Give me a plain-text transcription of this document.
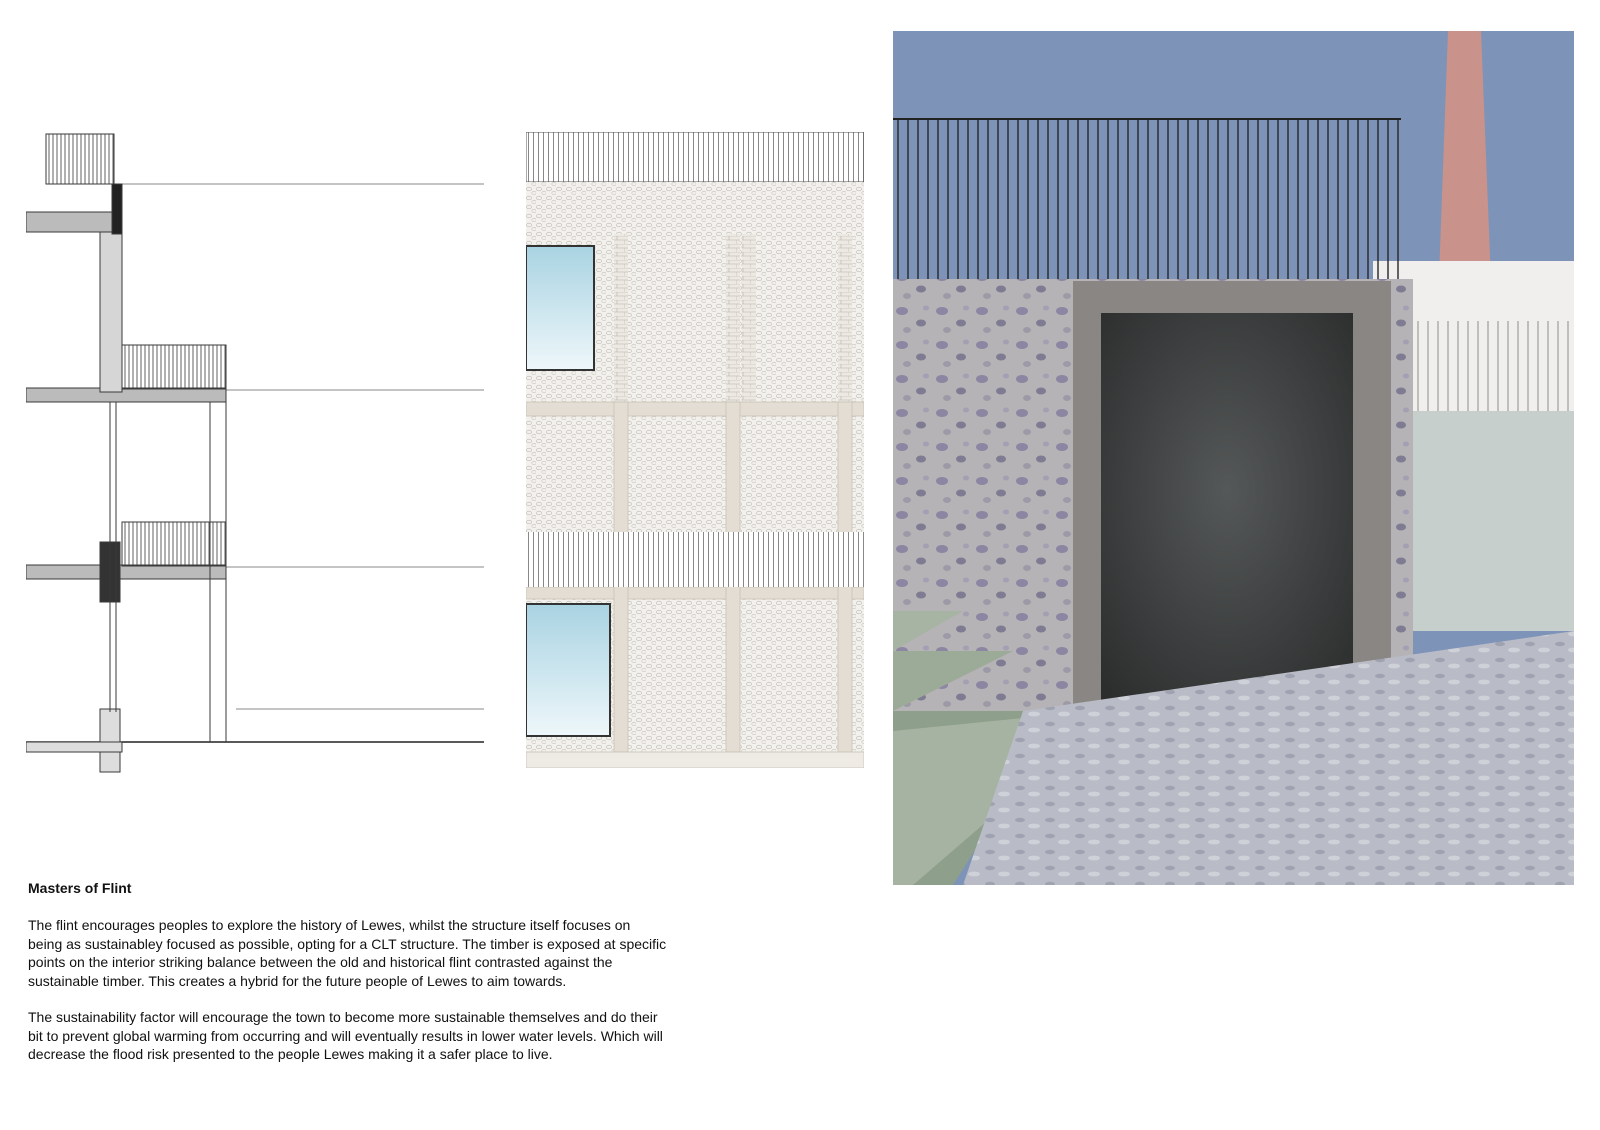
Masters of Flint

The flint encourages peoples to explore the history of Lewes, whilst the structure itself focuses on being as sustainabley focused as possible, opting for a CLT structure. The timber is exposed at specific points on the interior striking balance between the old and historical flint contrasted against the sustainable timber. This creates a hybrid for the future people of Lewes to aim towards.

The sustainability factor will encourage the town to become more sustainable themselves and do their bit to prevent global warming from occurring and will eventually results in lower water levels. Which will decrease the flood risk presented to the people Lewes making it a safer place to live.
